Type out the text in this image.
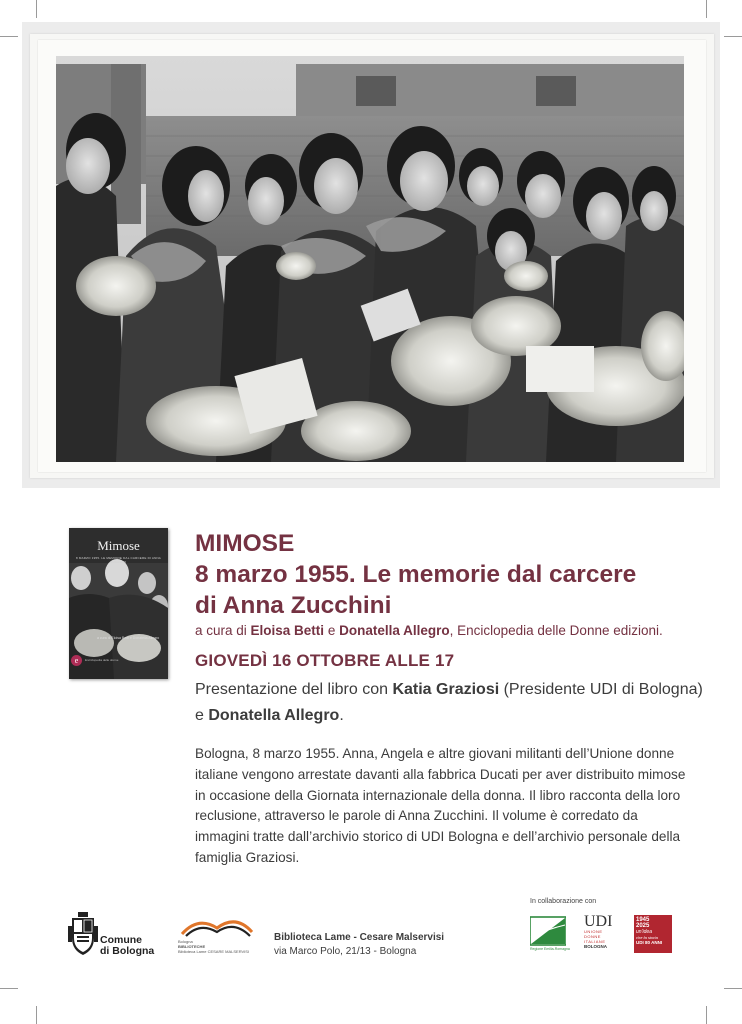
Mimose
8 MARZO 1955. LE MEMORIE DAL CARCERE DI ANNA ZUCCHINI
a cura di Eloisa Betti e Donatella Allegro
e	Enciclopedia delle donne
MIMOSE
8 marzo 1955. Le memorie dal carcere
di Anna Zucchini
a cura di Eloisa Betti e Donatella Allegro, Enciclopedia delle Donne edizioni.
GIOVEDÌ 16 OTTOBRE ALLE 17
Presentazione del libro con Katia Graziosi (Presidente UDI di Bologna) e Donatella Allegro.
Bologna, 8 marzo 1955. Anna, Angela e altre giovani militanti dell’Unione donne italiane vengono arrestate davanti alla fabbrica Ducati per aver distribuito mimose in occasione della Giornata internazionale della donna. Il libro racconta della loro reclusione, attraverso le parole di Anna Zucchini. Il volume è corredato da immagini tratte dall’archivio storico di UDI Bologna e dell’archivio personale della famiglia Graziosi.
Comune
di Bologna
Bologna
BIBLIOTECHE
Biblioteca Lame CESARE MALSERVISI
Biblioteca Lame - Cesare Malservisi
via Marco Polo, 21/13 - Bologna
In collaborazione con
Regione Emilia-Romagna
UDI
UNIONE
DONNE
ITALIANE
BOLOGNA
1945
2025
un'idea
che fa storia
UDI 80 ANNI
